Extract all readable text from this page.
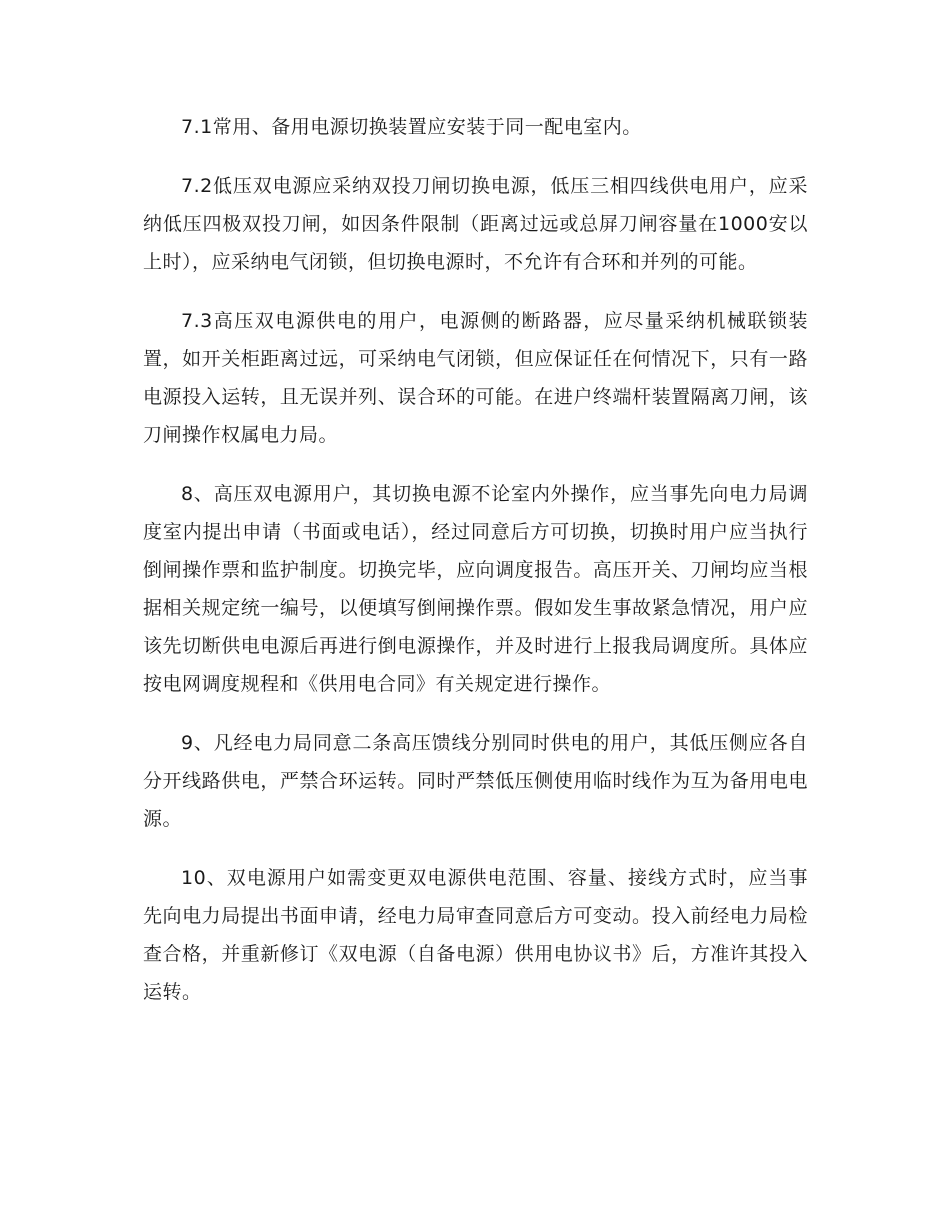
7.1常用、备用电源切换装置应安装于同一配电室内。

7.2低压双电源应采纳双投刀闸切换电源，低压三相四线供电用户，应采纳低压四极双投刀闸，如因条件限制（距离过远或总屏刀闸容量在1000安以上时），应采纳电气闭锁，但切换电源时，不允许有合环和并列的可能。

7.3高压双电源供电的用户，电源侧的断路器，应尽量采纳机械联锁装置，如开关柜距离过远，可采纳电气闭锁，但应保证任在何情况下，只有一路电源投入运转，且无误并列、误合环的可能。在进户终端杆装置隔离刀闸，该刀闸操作权属电力局。

8、高压双电源用户，其切换电源不论室内外操作，应当事先向电力局调度室内提出申请（书面或电话），经过同意后方可切换，切换时用户应当执行倒闸操作票和监护制度。切换完毕，应向调度报告。高压开关、刀闸均应当根据相关规定统一编号，以便填写倒闸操作票。假如发生事故紧急情况，用户应该先切断供电电源后再进行倒电源操作，并及时进行上报我局调度所。具体应按电网调度规程和《供用电合同》有关规定进行操作。

9、凡经电力局同意二条高压馈线分别同时供电的用户，其低压侧应各自分开线路供电，严禁合环运转。同时严禁低压侧使用临时线作为互为备用电电源。

10、双电源用户如需变更双电源供电范围、容量、接线方式时，应当事先向电力局提出书面申请，经电力局审查同意后方可变动。投入前经电力局检查合格，并重新修订《双电源（自备电源）供用电协议书》后，方准许其投入运转。
